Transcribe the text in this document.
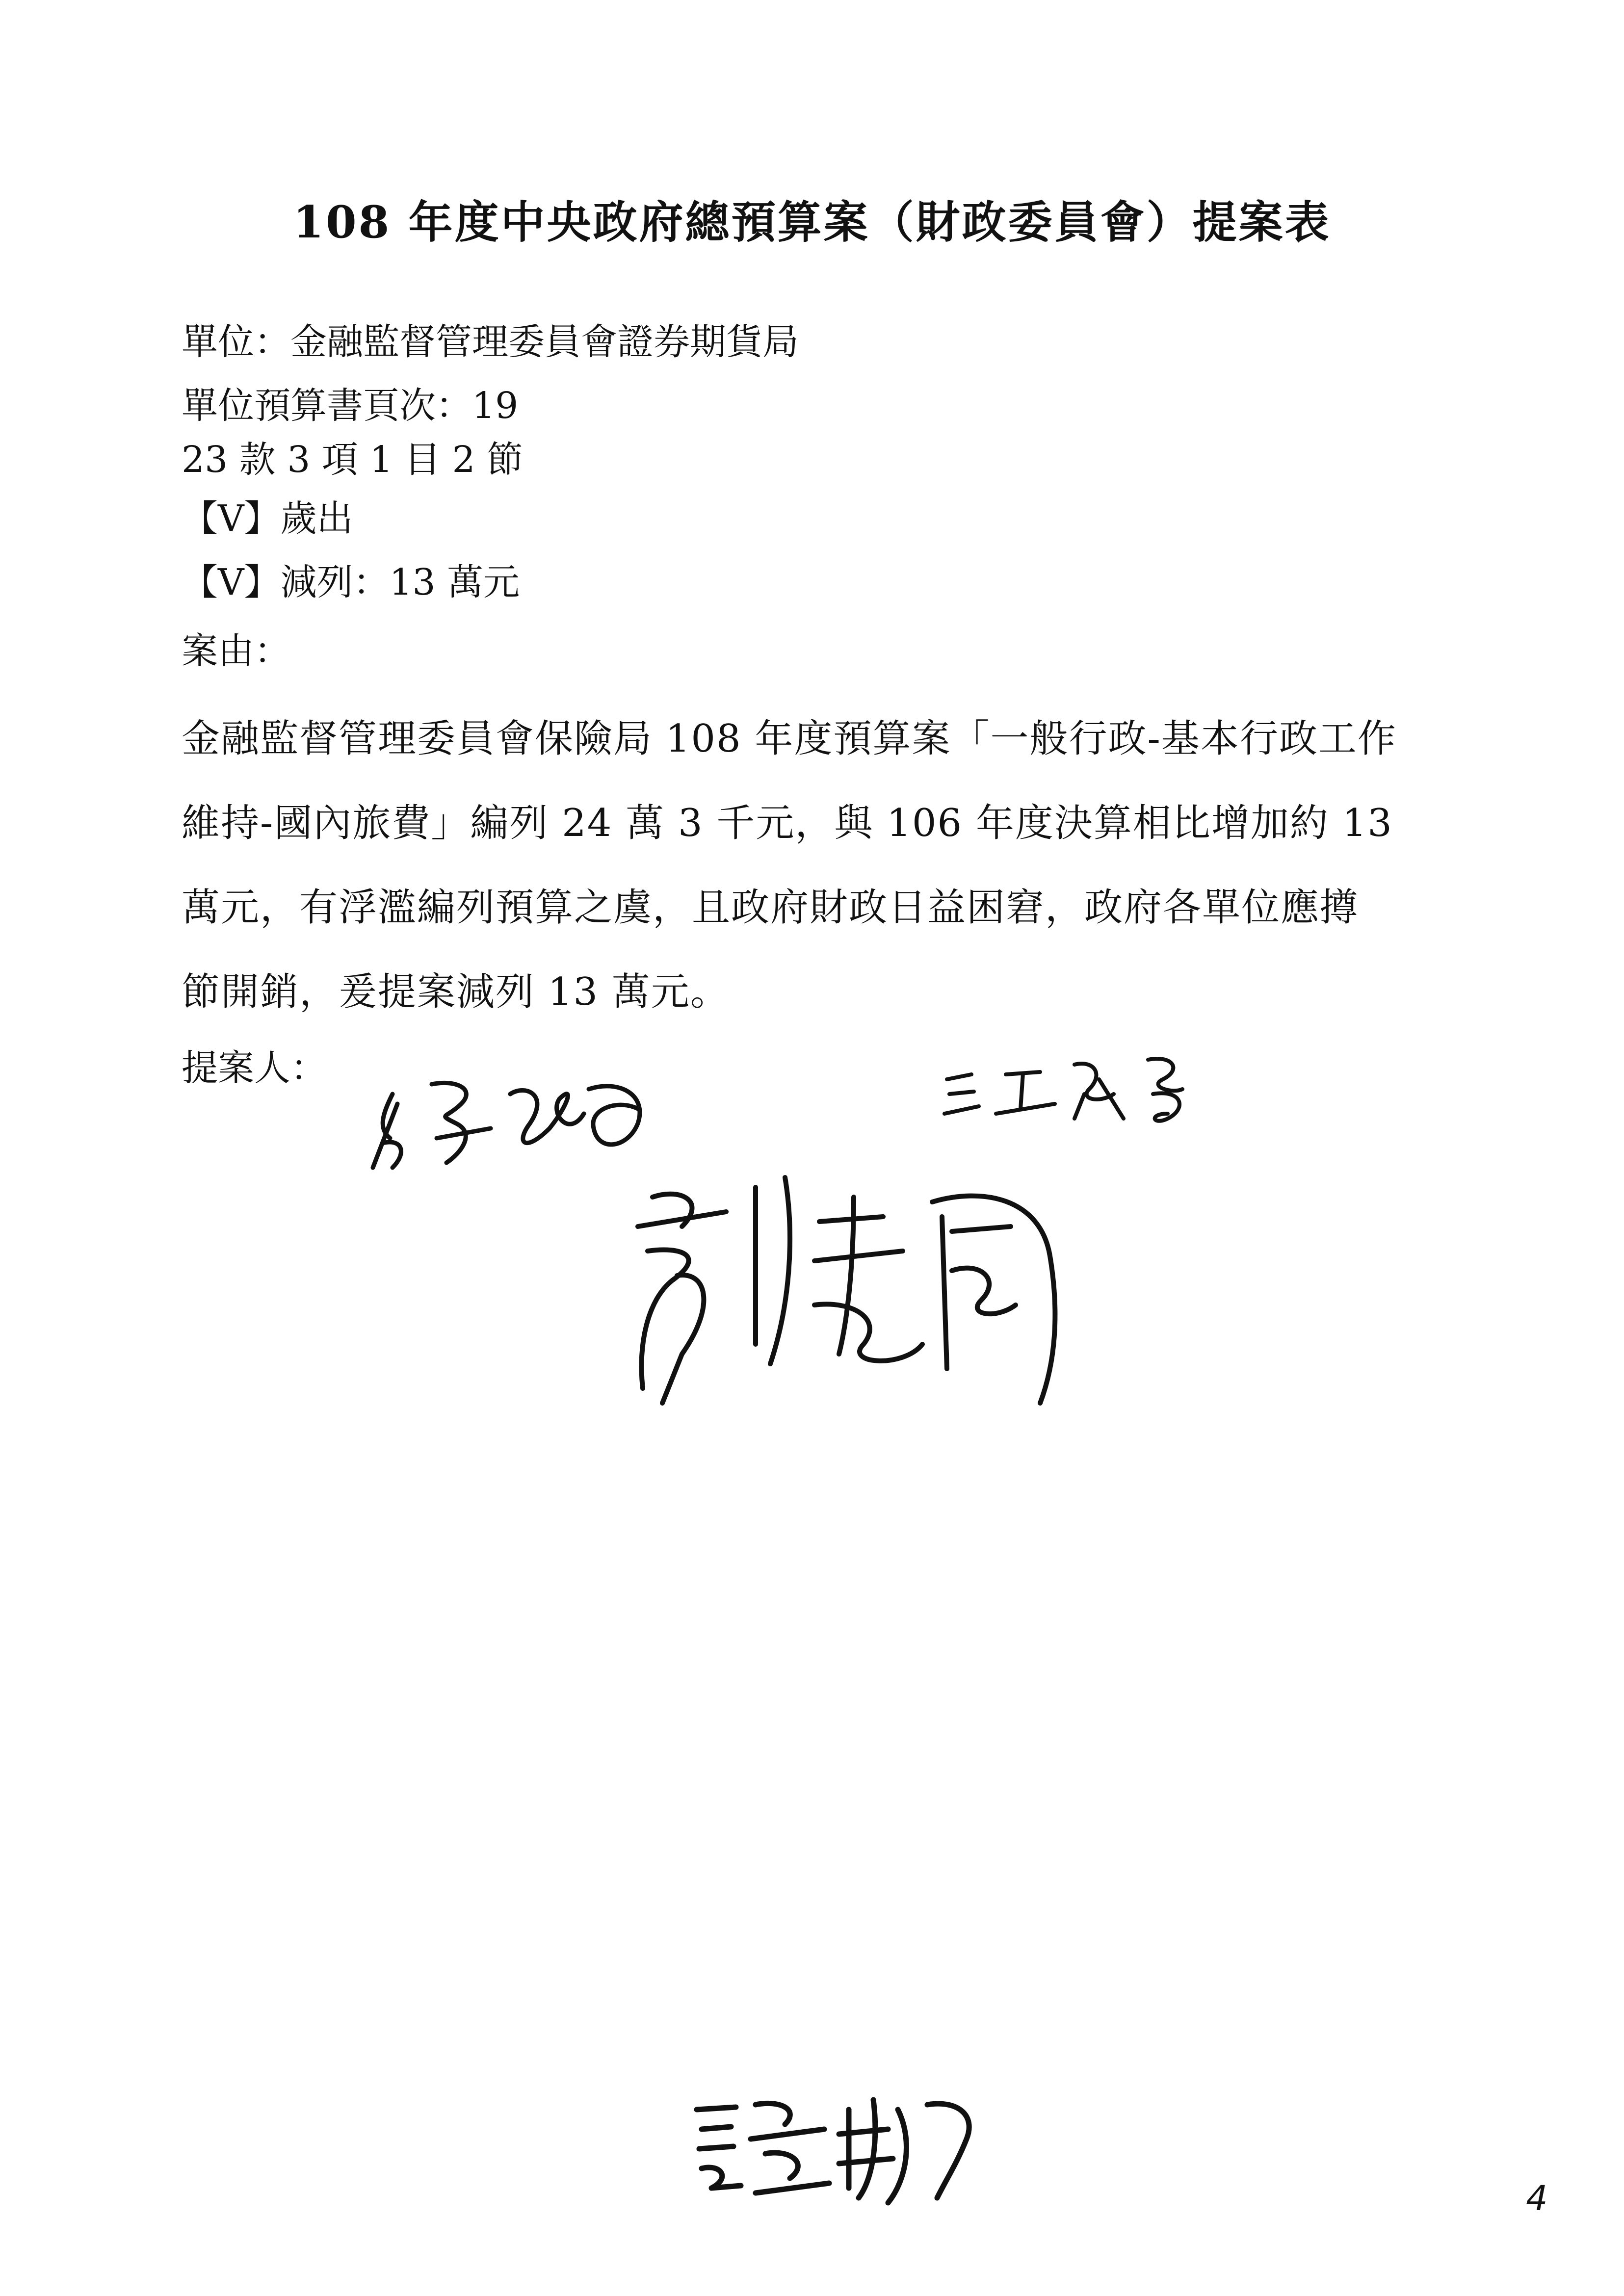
108 年度中央政府總預算案（財政委員會）提案表
單位：金融監督管理委員會證券期貨局
單位預算書頁次：19
23 款 3 項 1 目 2 節
【V】歲出
【V】減列：13 萬元
案由：
金融監督管理委員會保險局 108 年度預算案「一般行政-基本行政工作
維持-國內旅費」編列 24 萬 3 千元，與 106 年度決算相比增加約 13
萬元，有浮濫編列預算之虞，且政府財政日益困窘，政府各單位應撙
節開銷，爰提案減列 13 萬元。
提案人：
4
